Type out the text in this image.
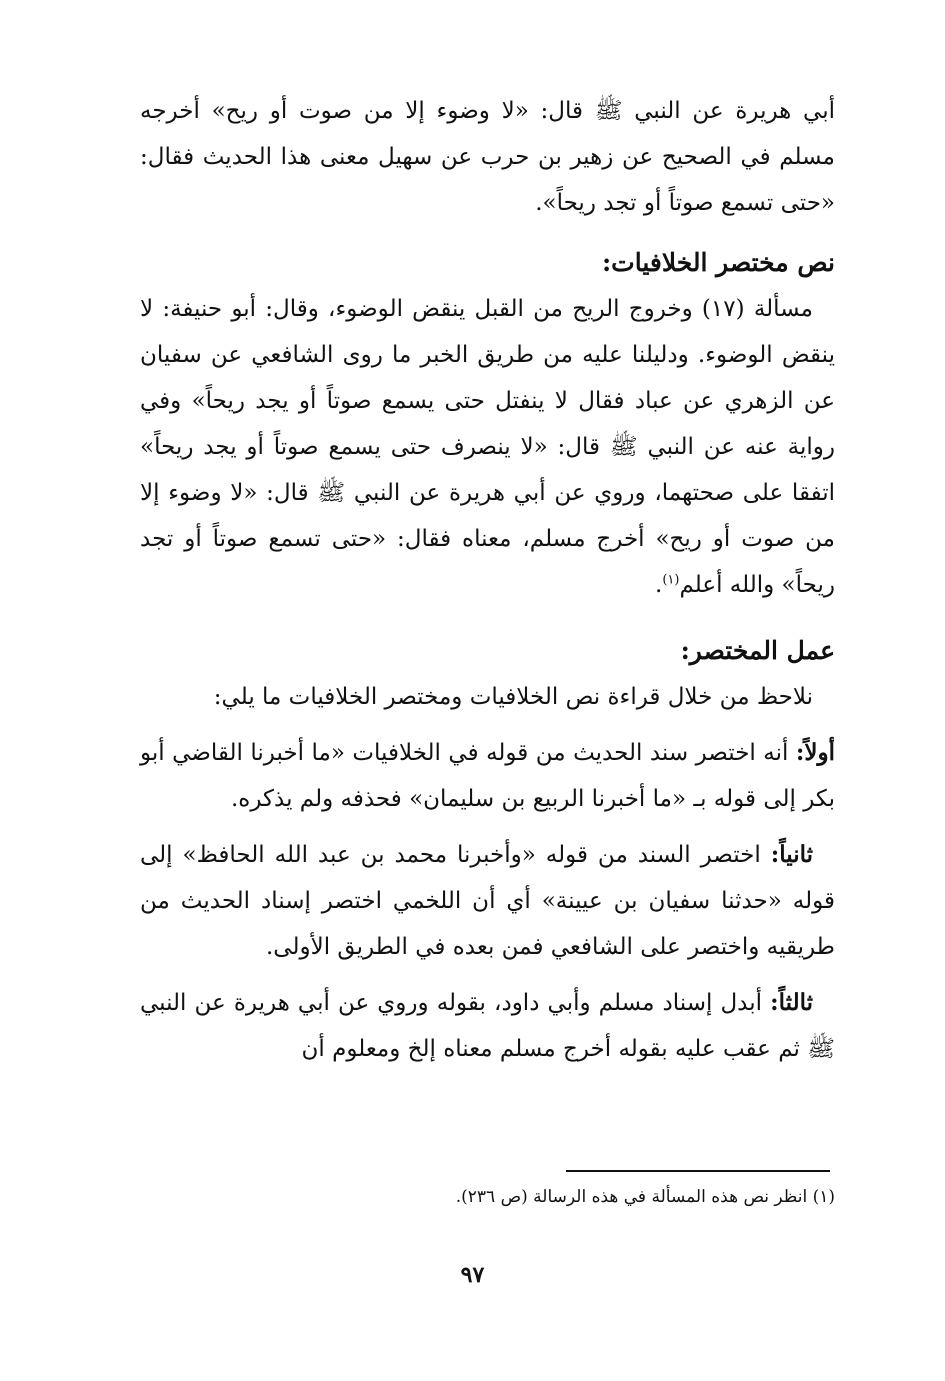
أبي هريرة عن النبي ﷺ قال: «لا وضوء إلا من صوت أو ريح» أخرجه مسلم في الصحيح عن زهير بن حرب عن سهيل معنى هذا الحديث فقال: «حتى تسمع صوتاً أو تجد ريحاً».

نص مختصر الخلافيات:

مسألة (١٧) وخروج الريح من القبل ينقض الوضوء، وقال: أبو حنيفة: لا ينقض الوضوء. ودليلنا عليه من طريق الخبر ما روى الشافعي عن سفيان عن الزهري عن عباد فقال لا ينفتل حتى يسمع صوتاً أو يجد ريحاً» وفي رواية عنه عن النبي ﷺ قال: «لا ينصرف حتى يسمع صوتاً أو يجد ريحاً» اتفقا على صحتهما، وروي عن أبي هريرة عن النبي ﷺ قال: «لا وضوء إلا من صوت أو ريح» أخرج مسلم، معناه فقال: «حتى تسمع صوتاً أو تجد ريحاً» والله أعلم$^{(١)}$.

عمل المختصر:

نلاحظ من خلال قراءة نص الخلافيات ومختصر الخلافيات ما يلي:

أولاً: أنه اختصر سند الحديث من قوله في الخلافيات «ما أخبرنا القاضي أبو بكر إلى قوله بـ «ما أخبرنا الربيع بن سليمان» فحذفه ولم يذكره.

ثانياً: اختصر السند من قوله «وأخبرنا محمد بن عبد الله الحافظ» إلى قوله «حدثنا سفيان بن عيينة» أي أن اللخمي اختصر إسناد الحديث من طريقيه واختصر على الشافعي فمن بعده في الطريق الأولى.

ثالثاً: أبدل إسناد مسلم وأبي داود، بقوله وروي عن أبي هريرة عن النبي ﷺ ثم عقب عليه بقوله أخرج مسلم معناه إلخ ومعلوم أن

(١) انظر نص هذه المسألة في هذه الرسالة (ص ٢٣٦).
٩٧
